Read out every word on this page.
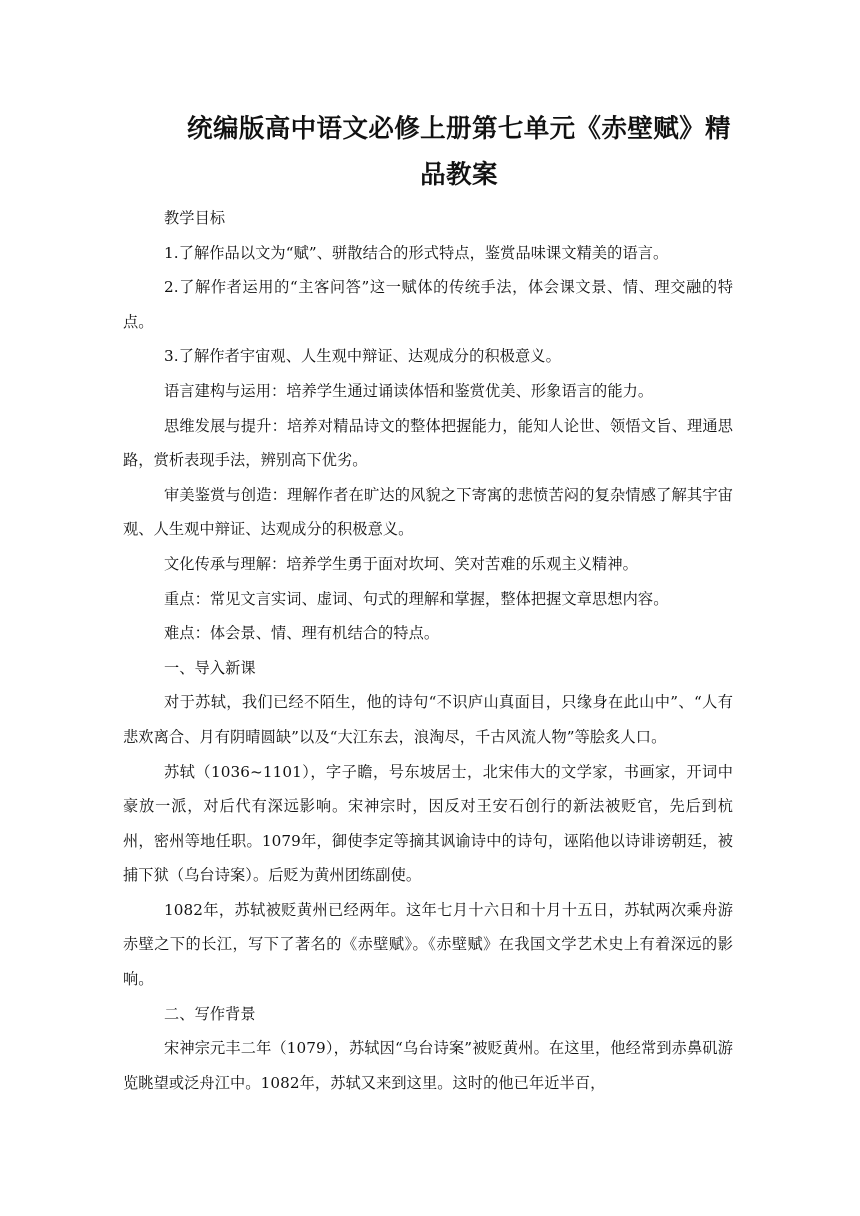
统编版高中语文必修上册第七单元《赤壁赋》精品教案

教学目标

1.了解作品以文为“赋”、骈散结合的形式特点，鉴赏品味课文精美的语言。

2.了解作者运用的“主客问答”这一赋体的传统手法，体会课文景、情、理交融的特点。

3.了解作者宇宙观、人生观中辩证、达观成分的积极意义。

语言建构与运用：培养学生通过诵读体悟和鉴赏优美、形象语言的能力。

思维发展与提升：培养对精品诗文的整体把握能力，能知人论世、领悟文旨、理通思路，赏析表现手法，辨别高下优劣。

审美鉴赏与创造：理解作者在旷达的风貌之下寄寓的悲愤苦闷的复杂情感了解其宇宙观、人生观中辩证、达观成分的积极意义。

文化传承与理解：培养学生勇于面对坎坷、笑对苦难的乐观主义精神。

重点：常见文言实词、虚词、句式的理解和掌握，整体把握文章思想内容。

难点：体会景、情、理有机结合的特点。

一、导入新课

对于苏轼，我们已经不陌生，他的诗句“不识庐山真面目，只缘身在此山中”、“人有悲欢离合、月有阴晴圆缺”以及“大江东去，浪淘尽，千古风流人物”等脍炙人口。

苏轼（1036~1101），字子瞻，号东坡居士，北宋伟大的文学家，书画家，开词中豪放一派，对后代有深远影响。宋神宗时，因反对王安石创行的新法被贬官，先后到杭州，密州等地任职。1079年，御使李定等摘其讽谕诗中的诗句，诬陷他以诗诽谤朝廷，被捕下狱（乌台诗案）。后贬为黄州团练副使。

1082年，苏轼被贬黄州已经两年。这年七月十六日和十月十五日，苏轼两次乘舟游赤壁之下的长江，写下了著名的《赤壁赋》。《赤壁赋》在我国文学艺术史上有着深远的影响。

二、写作背景

宋神宗元丰二年（1079），苏轼因“乌台诗案”被贬黄州。在这里，他经常到赤鼻矶游览眺望或泛舟江中。1082年，苏轼又来到这里。这时的他已年近半百，
